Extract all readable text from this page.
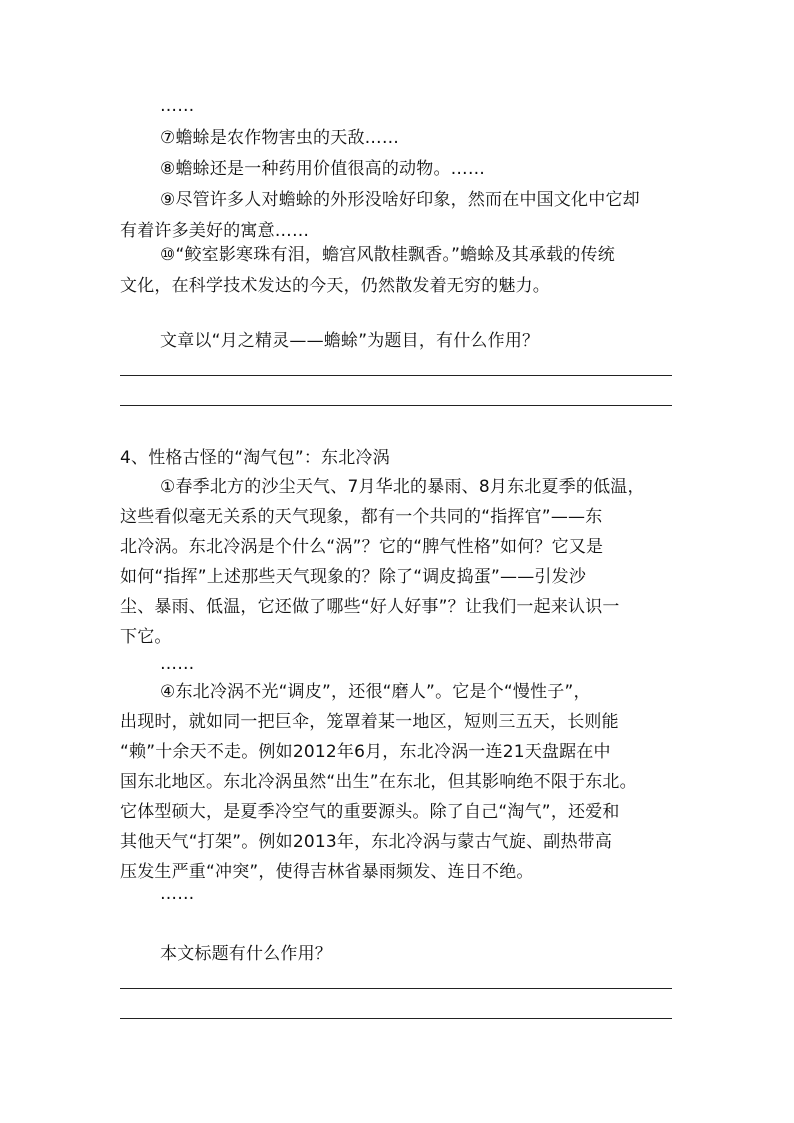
……
⑦蟾蜍是农作物害虫的天敌……
⑧蟾蜍还是一种药用价值很高的动物。……
⑨尽管许多人对蟾蜍的外形没啥好印象，然而在中国文化中它却
有着许多美好的寓意……
⑩“鲛室影寒珠有泪，蟾宫风散桂飘香。”蟾蜍及其承载的传统
文化，在科学技术发达的今天，仍然散发着无穷的魅力。
文章以“月之精灵——蟾蜍”为题目，有什么作用？
4、性格古怪的“淘气包”：东北冷涡
①春季北方的沙尘天气、7月华北的暴雨、8月东北夏季的低温，
这些看似毫无关系的天气现象，都有一个共同的“指挥官”——东
北冷涡。东北冷涡是个什么“涡”？它的“脾气性格”如何？它又是
如何“指挥”上述那些天气现象的？除了“调皮捣蛋”——引发沙
尘、暴雨、低温，它还做了哪些“好人好事”？让我们一起来认识一
下它。
……
④东北冷涡不光“调皮”，还很“磨人”。它是个“慢性子”，
出现时，就如同一把巨伞，笼罩着某一地区，短则三五天，长则能
“赖”十余天不走。例如2012年6月，东北冷涡一连21天盘踞在中
国东北地区。东北冷涡虽然“出生”在东北，但其影响绝不限于东北。
它体型硕大，是夏季冷空气的重要源头。除了自己“淘气”，还爱和
其他天气“打架”。例如2013年，东北冷涡与蒙古气旋、副热带高
压发生严重“冲突”，使得吉林省暴雨频发、连日不绝。
……
本文标题有什么作用？
